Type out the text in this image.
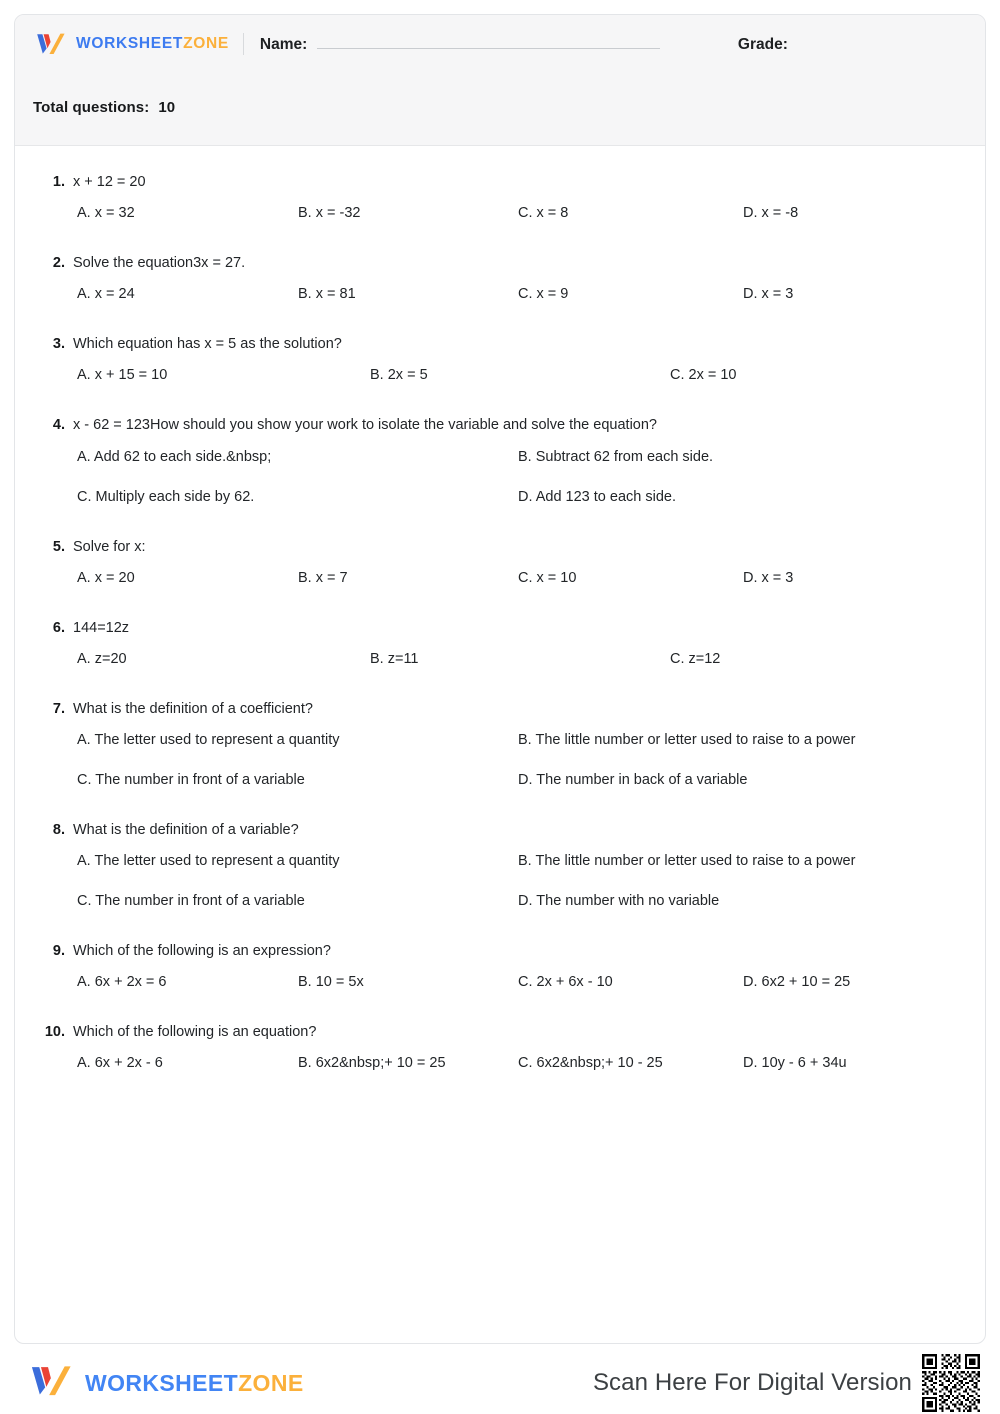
WORKSHEETZONE Name:	Grade:
Total questions: 10
1. x + 12 = 20
A. x = 32	B. x = -32	C. x = 8	D. x = -8
2. Solve the equation3x = 27.
A. x = 24	B. x = 81	C. x = 9	D. x = 3
3. Which equation has x = 5 as the solution?
A. x + 15 = 10	B. 2x = 5	C. 2x = 10
4. x - 62 = 123How should you show your work to isolate the variable and solve the equation?
A. Add 62 to each side.&nbsp;	B. Subtract 62 from each side.
C. Multiply each side by 62.	D. Add 123 to each side.
5. Solve for x:
A. x = 20	B. x = 7	C. x = 10	D. x = 3
6. 144=12z
A. z=20	B. z=11	C. z=12
7. What is the definition of a coefficient?
A. The letter used to represent a quantity	B. The little number or letter used to raise to a power
C. The number in front of a variable	D. The number in back of a variable
8. What is the definition of a variable?
A. The letter used to represent a quantity	B. The little number or letter used to raise to a power
C. The number in front of a variable	D. The number with no variable
9. Which of the following is an expression?
A. 6x + 2x = 6	B. 10 = 5x	C. 2x + 6x - 10	D. 6x2 + 10 = 25
10. Which of the following is an equation?
A. 6x + 2x - 6	B. 6x2&nbsp;+ 10 = 25	C. 6x2&nbsp;+ 10 - 25	D. 10y - 6 + 34u
WORKSHEETZONE	Scan Here For Digital Version
